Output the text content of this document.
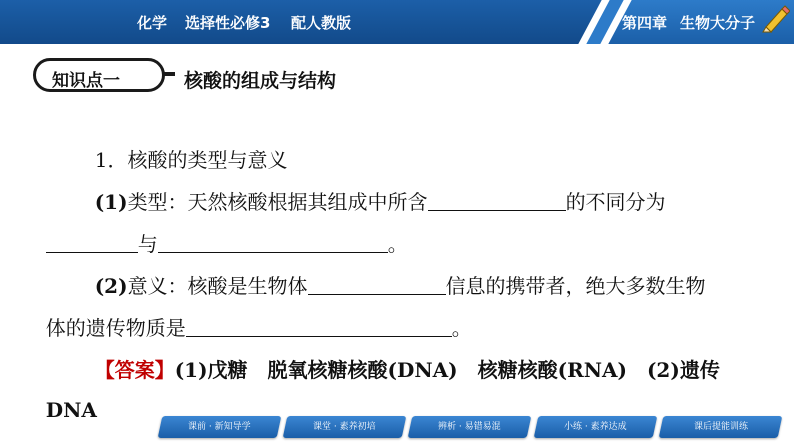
化学 选择性必修3 配人教版	第四章 生物大分子
知识点一	核酸的组成与结构

1．核酸的类型与意义

(1)类型：天然核酸根据其组成中所含	的不同分为

与	。

(2)意义：核酸是生物体	信息的携带者，绝大多数生物

体的遗传物质是	。

【答案】(1)戊糖　脱氧核糖核酸(DNA)　核糖核酸(RNA)　(2)遗传

DNA

课前 · 新知导学	课堂 · 素养初培	辨析 · 易错易混	小练 · 素养达成	课后提能训练
